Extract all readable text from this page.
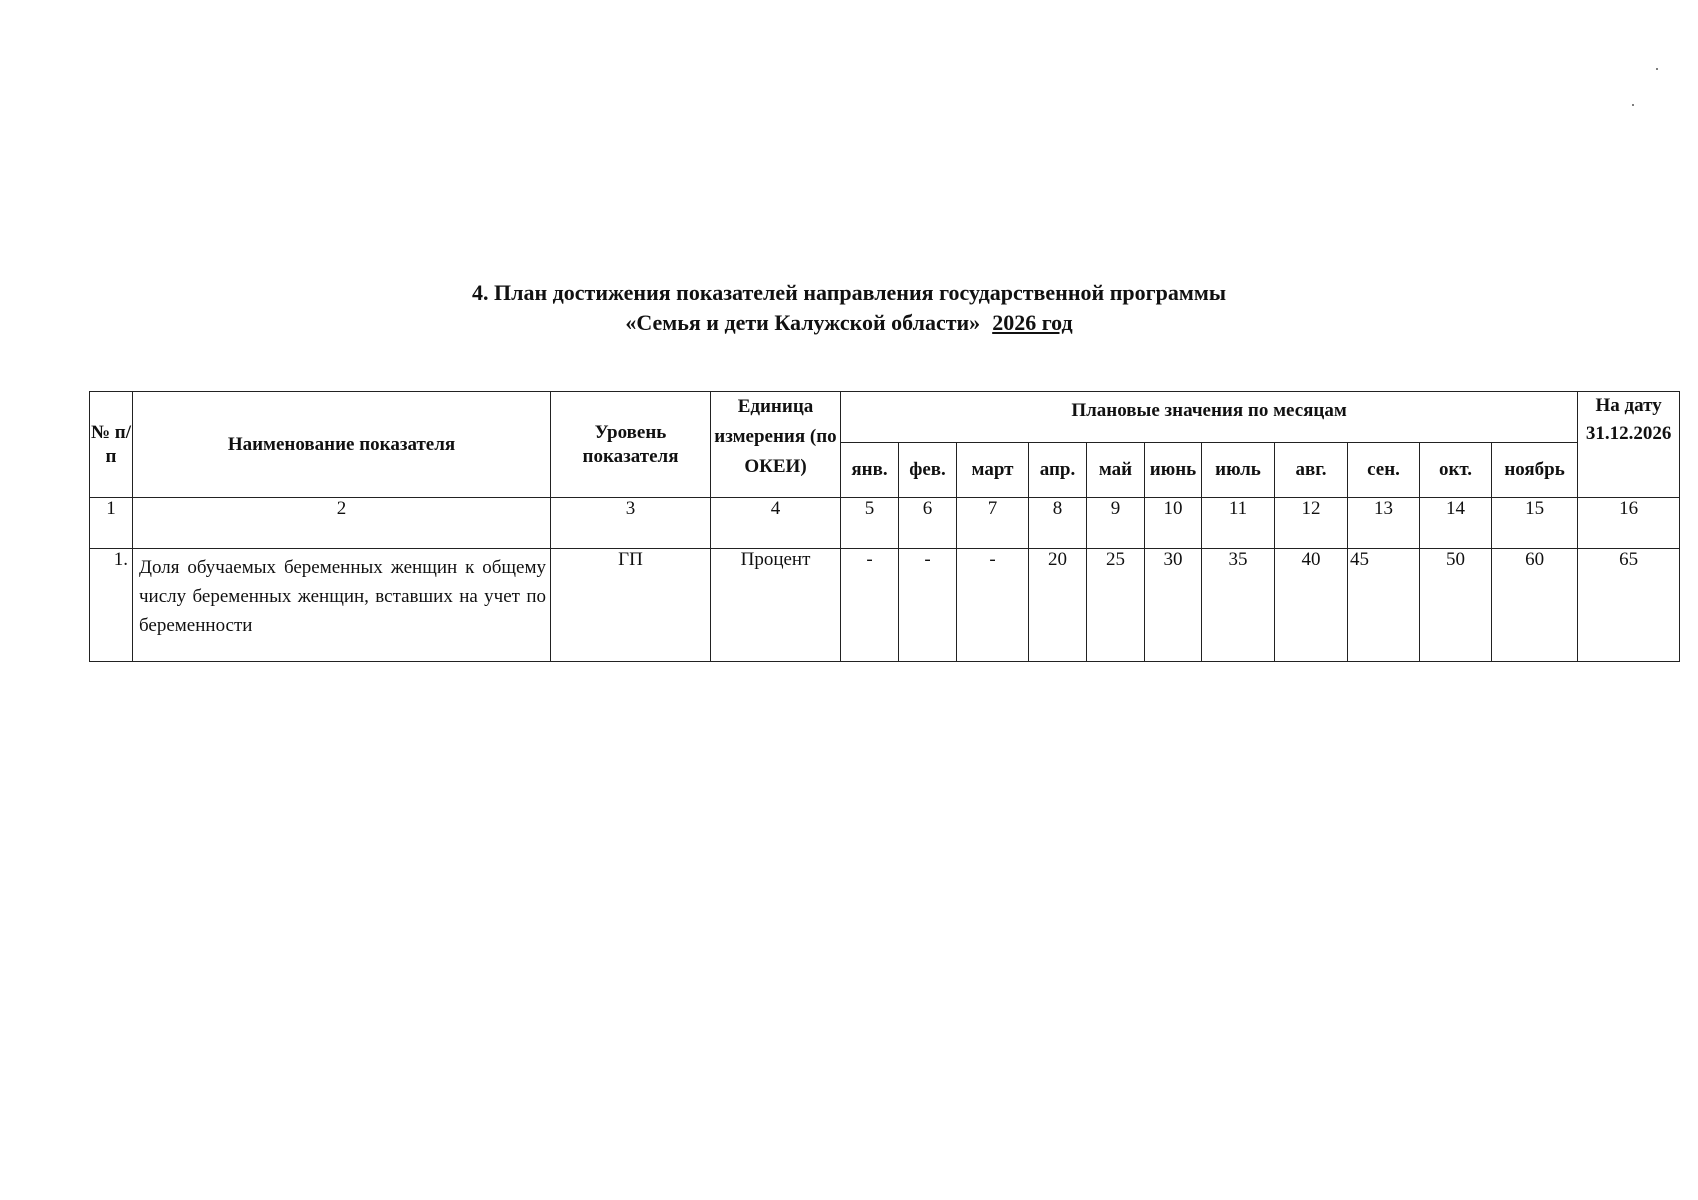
4. План достижения показателей направления государственной программы
«Семья и дети Калужской области» 2026 год
№ п/п	Наименование показателя	Уровень показателя	Единица измерения (по ОКЕИ)	Плановые значения по месяцам											На дату
31.12.2026

				янв.	фев.	март	апр.	май	июнь	июль	авг.	сен.	окт.	ноябрь	
1	2	3	4	5	6	7	8	9	10	11	12	13	14	15	16
1.	Доля обучаемых беременных женщин к общему числу беременных женщин, вставших на учет по беременности	ГП	Процент	-	-	-	20	25	30	35	40	45	50	60	65
